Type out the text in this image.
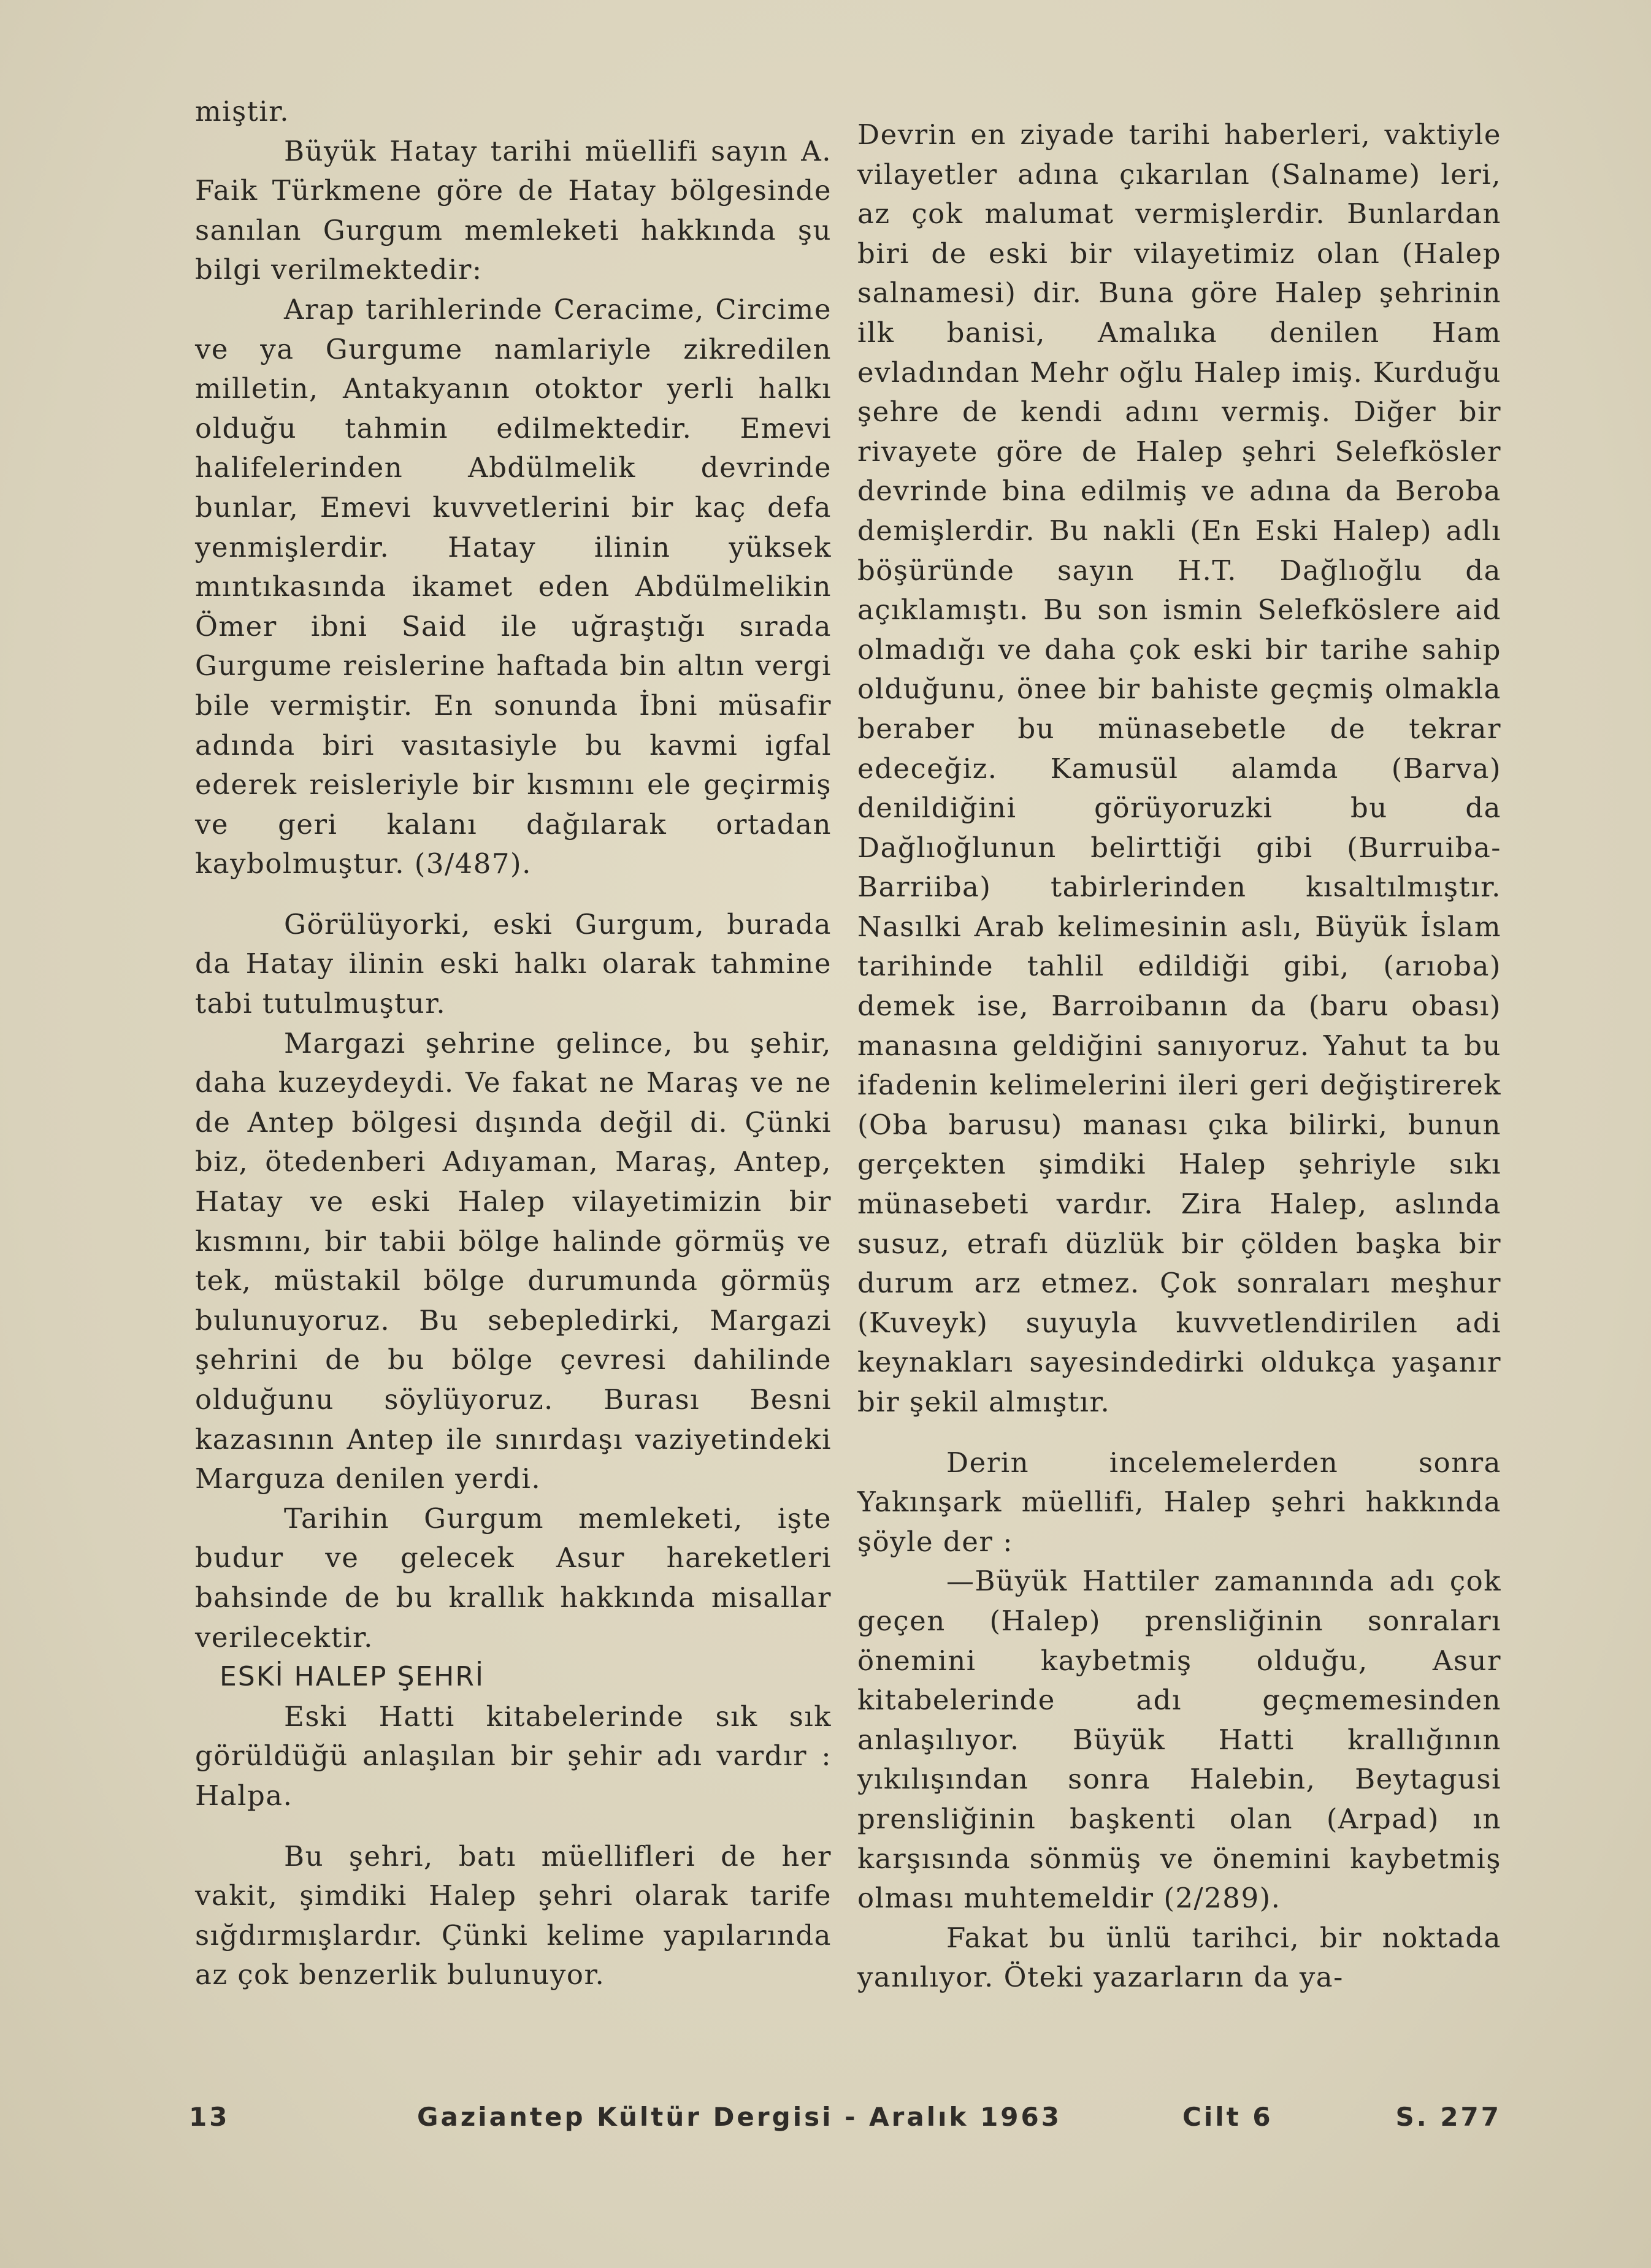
miştir.

Büyük Hatay tarihi müellifi sayın A. Faik Türkmene göre de Hatay bölgesinde sanılan Gurgum memleketi hakkında şu bilgi verilmektedir:

Arap tarihlerinde Ceracime, Circime ve ya Gurgume namlariyle zikredilen milletin, Antakyanın otoktor yerli halkı olduğu tahmin edilmektedir. Emevi halifelerinden Abdülmelik devrinde bunlar, Emevi kuvvetlerini bir kaç defa yenmişlerdir. Hatay ilinin yüksek mıntıkasında ikamet eden Abdülmelikin Ömer ibni Said ile uğraştığı sırada Gurgume reislerine haftada bin altın vergi bile vermiştir. En sonunda İbni müsafir adında biri vasıtasiyle bu kavmi igfal ederek reisleriyle bir kısmını ele geçirmiş ve geri kalanı dağılarak ortadan kaybolmuştur. (3/487).

Görülüyorki, eski Gurgum, burada da Hatay ilinin eski halkı olarak tahmine tabi tutulmuştur.

Margazi şehrine gelince, bu şehir, daha kuzeydeydi. Ve fakat ne Maraş ve ne de Antep bölgesi dışında değil di. Çünki biz, ötedenberi Adıyaman, Maraş, Antep, Hatay ve eski Halep vilayetimizin bir kısmını, bir tabii bölge halinde görmüş ve tek, müstakil bölge durumunda görmüş bulunuyoruz. Bu sebepledirki, Margazi şehrini de bu bölge çevresi dahilinde olduğunu söylüyoruz. Burası Besni kazasının Antep ile sınırdaşı vaziyetindeki Marguza denilen yerdi.

Tarihin Gurgum memleketi, işte budur ve gelecek Asur hareketleri bahsinde de bu krallık hakkında misallar verilecektir.

ESKİ HALEP ŞEHRİ

Eski Hatti kitabelerinde sık sık görüldüğü anlaşılan bir şehir adı vardır : Halpa.

Bu şehri, batı müellifleri de her vakit, şimdiki Halep şehri olarak tarife sığdırmışlardır. Çünki kelime yapılarında az çok benzerlik bulunuyor.

Devrin en ziyade tarihi haberleri, vaktiyle vilayetler adına çıkarılan (Salname) leri, az çok malumat vermişlerdir. Bunlardan biri de eski bir vilayetimiz olan (Halep salnamesi) dir. Buna göre Halep şehrinin ilk banisi, Amalıka denilen Ham evladından Mehr oğlu Halep imiş. Kurduğu şehre de kendi adını vermiş. Diğer bir rivayete göre de Halep şehri Selefkösler devrinde bina edilmiş ve adına da Beroba demişlerdir. Bu nakli (En Eski Halep) adlı böşüründe sayın H.T. Dağlıoğlu da açıklamıştı. Bu son ismin Selefköslere aid olmadığı ve daha çok eski bir tarihe sahip olduğunu, önee bir bahiste geçmiş olmakla beraber bu münasebetle de tekrar edeceğiz. Kamusül alamda (Barva) denildiğini görüyoruzki bu da Dağlıoğlunun belirttiği gibi (Burruiba-Barriiba) tabirlerinden kısaltılmıştır. Nasılki Arab kelimesinin aslı, Büyük İslam tarihinde tahlil edildiği gibi, (arıoba) demek ise, Barroibanın da (baru obası) manasına geldiğini sanıyoruz. Yahut ta bu ifadenin kelimelerini ileri geri değiştirerek (Oba barusu) manası çıka bilirki, bunun gerçekten şimdiki Halep şehriyle sıkı münasebeti vardır. Zira Halep, aslında susuz, etrafı düzlük bir çölden başka bir durum arz etmez. Çok sonraları meşhur (Kuveyk) suyuyla kuvvetlendirilen adi keynakları sayesindedirki oldukça yaşanır bir şekil almıştır.

Derin incelemelerden sonra Yakınşark müellifi, Halep şehri hakkında şöyle der :

—Büyük Hattiler zamanında adı çok geçen (Halep) prensliğinin sonraları önemini kaybetmiş olduğu, Asur kitabelerinde adı geçmemesinden anlaşılıyor. Büyük Hatti krallığının yıkılışından sonra Halebin, Beytagusi prensliğinin başkenti olan (Arpad) ın karşısında sönmüş ve önemini kaybetmiş olması muhtemeldir (2/289).

Fakat bu ünlü tarihci, bir noktada yanılıyor. Öteki yazarların da ya-

13	Gaziantep Kültür Dergisi - Aralık 1963	Cilt 6	S. 277
